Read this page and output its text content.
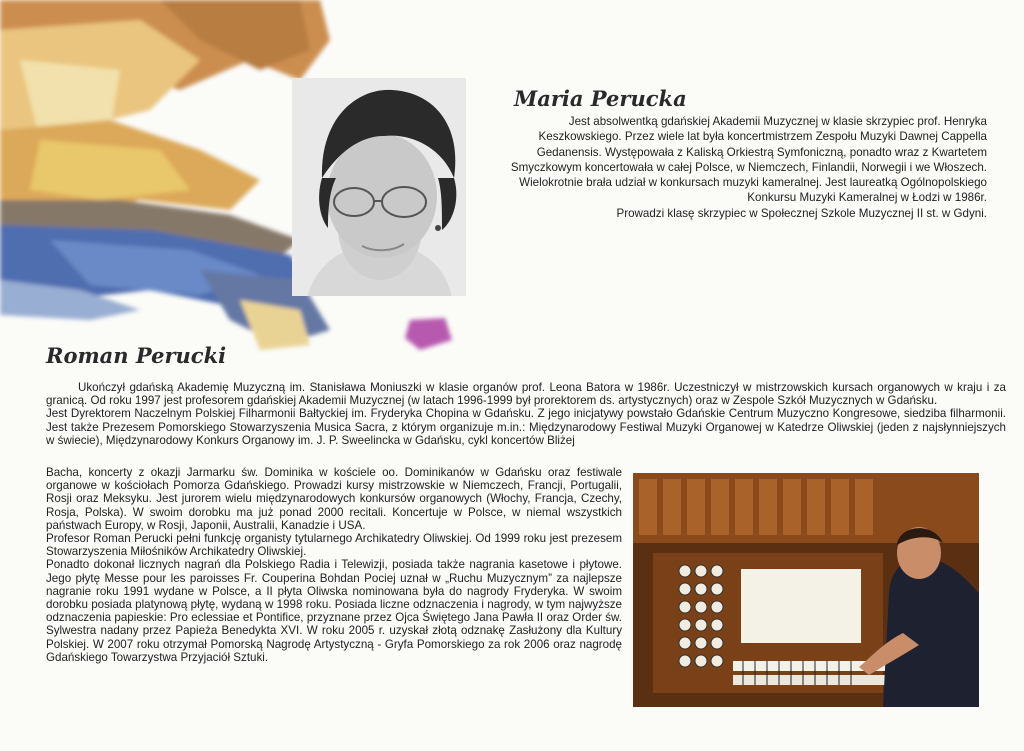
Maria Perucka

Jest absolwentką gdańskiej Akademii Muzycznej w klasie skrzypiec prof. Henryka Keszkowskiego. Przez wiele lat była koncertmistrzem Zespołu Muzyki Dawnej Cappella Gedanensis. Występowała z Kaliską Orkiestrą Symfoniczną, ponadto wraz z Kwartetem Smyczkowym koncertowała w całej Polsce, w Niemczech, Finlandii, Norwegii i we Włoszech.

Wielokrotnie brała udział w konkursach muzyki kameralnej. Jest laureatką Ogólnopolskiego Konkursu Muzyki Kameralnej w Łodzi w 1986r.

Prowadzi klasę skrzypiec w Społecznej Szkole Muzycznej II st. w Gdyni.

Roman Perucki

Ukończył gdańską Akademię Muzyczną im. Stanisława Moniuszki w klasie organów prof. Leona Batora w 1986r. Uczestniczył w mistrzowskich kursach organowych w kraju i za granicą. Od roku 1997 jest profesorem gdańskiej Akademii Muzycznej (w latach 1996-1999 był prorektorem ds. artystycznych) oraz w Zespole Szkół Muzycznych w Gdańsku.

Jest Dyrektorem Naczelnym Polskiej Filharmonii Bałtyckiej im. Fryderyka Chopina w Gdańsku. Z jego inicjatywy powstało Gdańskie Centrum Muzyczno Kongresowe, siedziba filharmonii. Jest także Prezesem Pomorskiego Stowarzyszenia Musica Sacra, z którym organizuje m.in.: Międzynarodowy Festiwal Muzyki Organowej w Katedrze Oliwskiej (jeden z najsłynniejszych w świecie), Międzynarodowy Konkurs Organowy im. J. P. Sweelincka w Gdańsku, cykl koncertów Bliżej

Bacha, koncerty z okazji Jarmarku św. Dominika w kościele oo. Dominikanów w Gdańsku oraz festiwale organowe w kościołach Pomorza Gdańskiego. Prowadzi kursy mistrzowskie w Niemczech, Francji, Portugalii, Rosji oraz Meksyku. Jest jurorem wielu międzynarodowych konkursów organowych (Włochy, Francja, Czechy, Rosja, Polska). W swoim dorobku ma już ponad 2000 recitali. Koncertuje w Polsce, w niemal wszystkich państwach Europy, w Rosji, Japonii, Australii, Kanadzie i USA.

Profesor Roman Perucki pełni funkcję organisty tytularnego Archikatedry Oliwskiej. Od 1999 roku jest prezesem Stowarzyszenia Miłośników Archikatedry Oliwskiej.

Ponadto dokonał licznych nagrań dla Polskiego Radia i Telewizji, posiada także nagrania kasetowe i płytowe. Jego płytę Messe pour les paroisses Fr. Couperina Bohdan Pociej uznał w „Ruchu Muzycznym” za najlepsze nagranie roku 1991 wydane w Polsce, a II płyta Oliwska nominowana była do nagrody Fryderyka. W swoim dorobku posiada platynową płytę, wydaną w 1998 roku. Posiada liczne odznaczenia i nagrody, w tym najwyższe odznaczenia papieskie: Pro eclessiae et Pontifice, przyznane przez Ojca Świętego Jana Pawła II oraz Order św. Sylwestra nadany przez Papieża Benedykta XVI. W roku 2005 r. uzyskał złotą odznakę Zasłużony dla Kultury Polskiej. W 2007 roku otrzymał Pomorską Nagrodę Artystyczną - Gryfa Pomorskiego za rok 2006 oraz nagrodę Gdańskiego Towarzystwa Przyjaciół Sztuki.
